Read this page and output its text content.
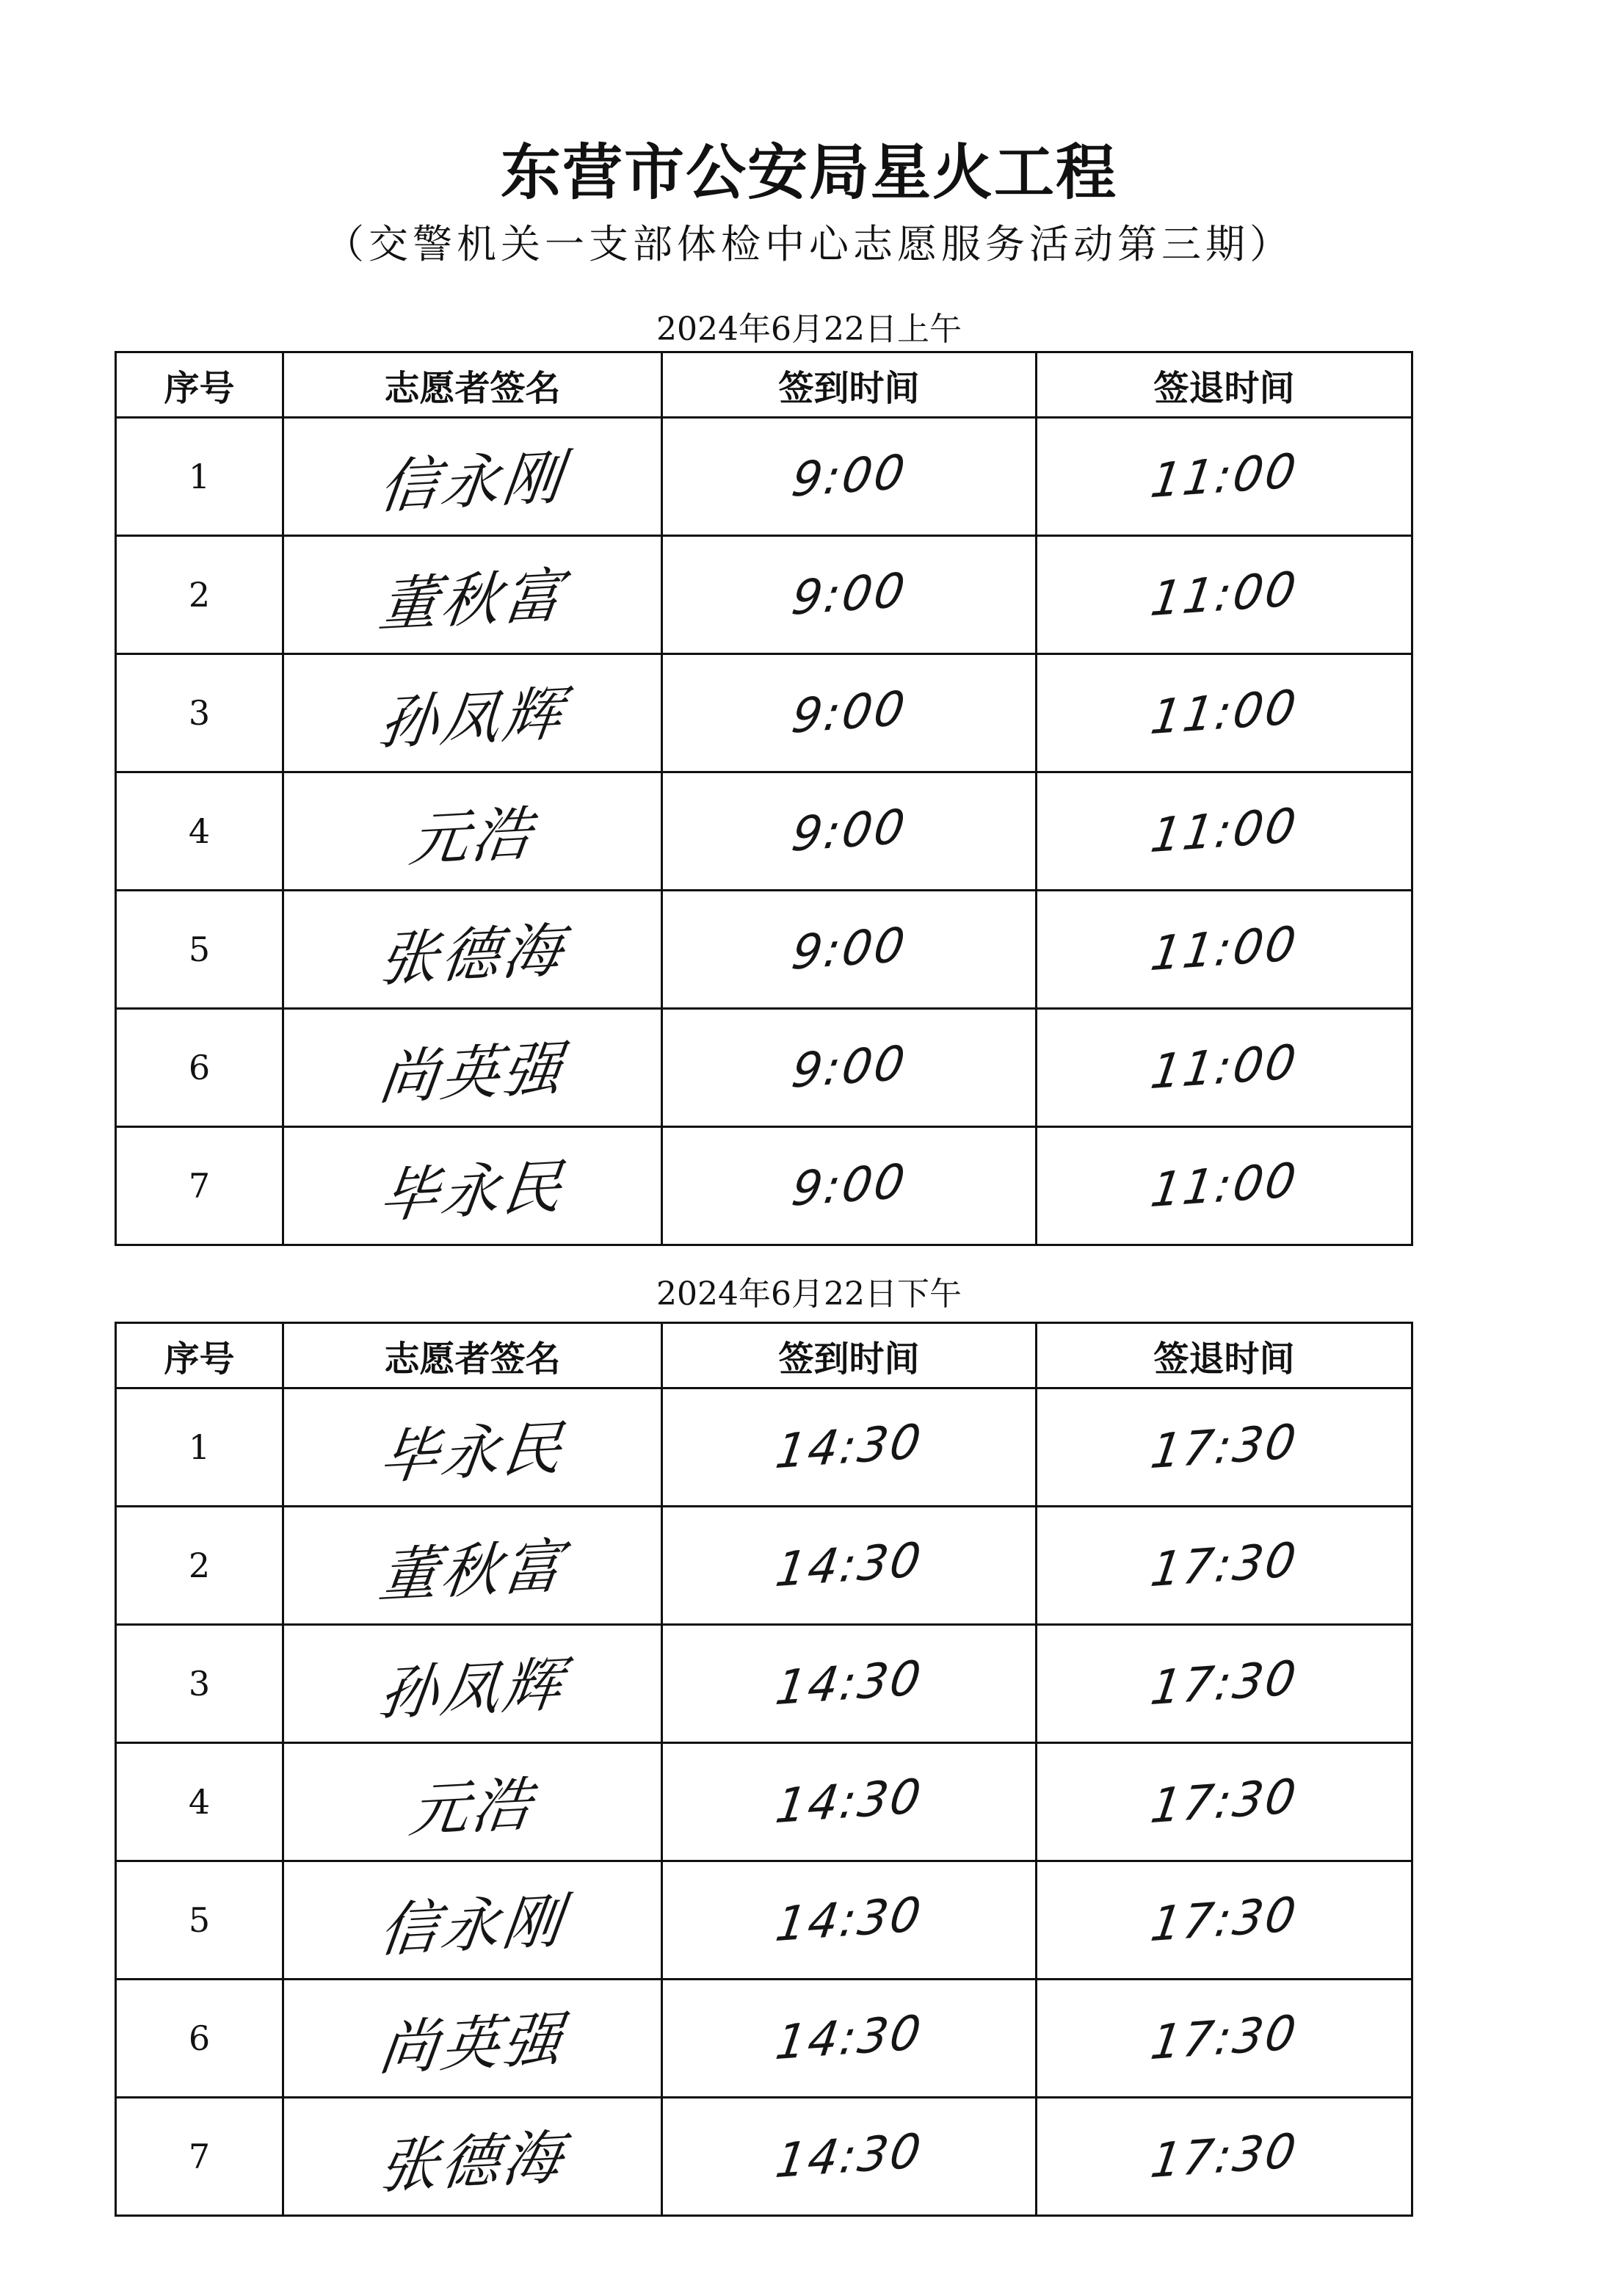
东营市公安局星火工程
（交警机关一支部体检中心志愿服务活动第三期）
2024年6月22日上午
序号	志愿者签名	签到时间	签退时间
1	信永刚	9:00	11:00
2	董秋富	9:00	11:00
3	孙凤辉	9:00	11:00
4	元浩	9:00	11:00
5	张德海	9:00	11:00
6	尚英强	9:00	11:00
7	毕永民	9:00	11:00
2024年6月22日下午
序号	志愿者签名	签到时间	签退时间
1	毕永民	14:30	17:30
2	董秋富	14:30	17:30
3	孙凤辉	14:30	17:30
4	元浩	14:30	17:30
5	信永刚	14:30	17:30
6	尚英强	14:30	17:30
7	张德海	14:30	17:30
